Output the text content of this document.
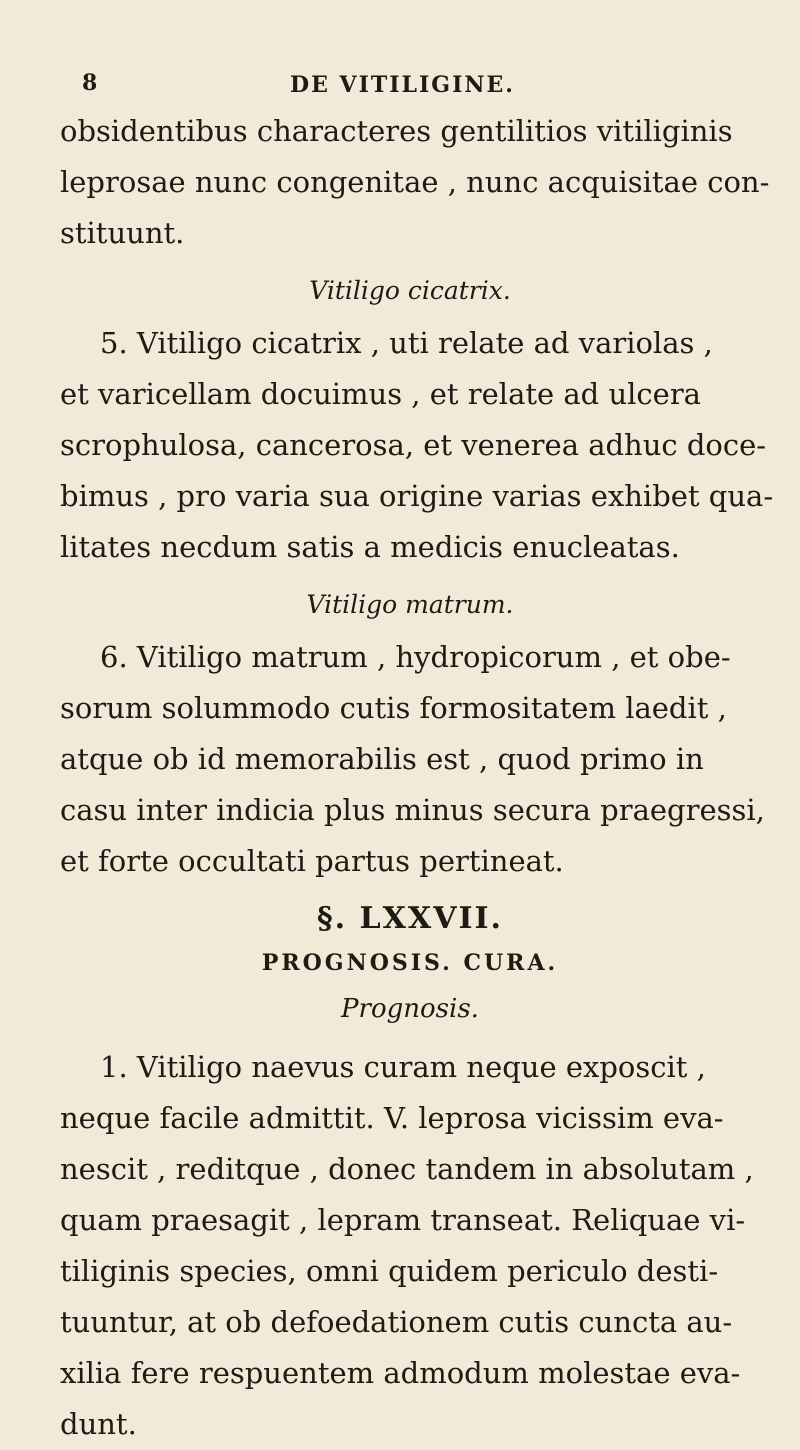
8	DE VITILIGINE.
obsidentibus characteres gentilitios vitiliginis
leprosae nunc congenitae , nunc acquisitae con-
stituunt.
Vitiligo cicatrix.
5. Vitiligo cicatrix , uti relate ad variolas ,
et varicellam docuimus , et relate ad ulcera
scrophulosa, cancerosa, et venerea adhuc doce-
bimus , pro varia sua origine varias exhibet qua-
litates necdum satis a medicis enucleatas.
Vitiligo matrum.
6. Vitiligo matrum , hydropicorum , et obe-
sorum solummodo cutis formositatem laedit ,
atque ob id memorabilis est , quod primo in
casu inter indicia plus minus secura praegressi,
et forte occultati partus pertineat.
§. LXXVII.
PROGNOSIS. CURA.
Prognosis.
1. Vitiligo naevus curam neque exposcit ,
neque facile admittit. V. leprosa vicissim eva-
nescit , reditque , donec tandem in absolutam ,
quam praesagit , lepram transeat. Reliquae vi-
tiliginis species, omni quidem periculo desti-
tuuntur, at ob defoedationem cutis cuncta au-
xilia fere respuentem admodum molestae eva-
dunt.
